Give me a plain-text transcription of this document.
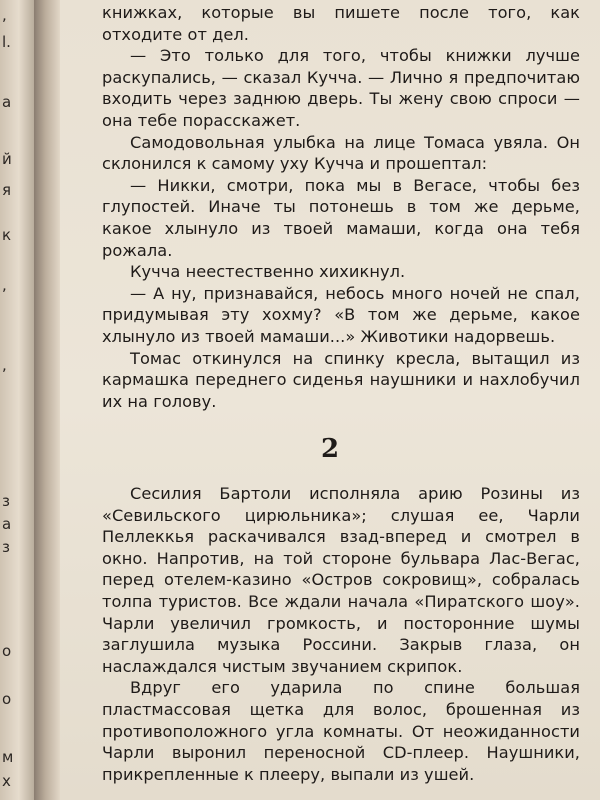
,
l.
а
й
я
к
,
,
з
а
з
о
о
м
х

книжках, которые вы пишете после того, как отходите от дел.

— Это только для того, чтобы книжки лучше раскупались, — сказал Кучча. — Лично я предпочитаю входить через заднюю дверь. Ты жену свою спроси — она тебе порасскажет.

Самодовольная улыбка на лице Томаса увяла. Он склонился к самому уху Кучча и прошептал:

— Никки, смотри, пока мы в Вегасе, чтобы без глупостей. Иначе ты потонешь в том же дерьме, какое хлынуло из твоей мамаши, когда она тебя рожала.

Кучча неестественно хихикнул.

— А ну, признавайся, небось много ночей не спал, придумывая эту хохму? «В том же дерьме, какое хлынуло из твоей мамаши...» Животики надорвешь.

Томас откинулся на спинку кресла, вытащил из кармашка переднего сиденья наушники и нахлобучил их на голову.

2

Сесилия Бартоли исполняла арию Розины из «Севильского цирюльника»; слушая ее, Чарли Пеллеккья раскачивался взад-вперед и смотрел в окно. Напротив, на той стороне бульвара Лас-Вегас, перед отелем-казино «Остров сокровищ», собралась толпа туристов. Все ждали начала «Пиратского шоу». Чарли увеличил громкость, и посторонние шумы заглушила музыка Россини. Закрыв глаза, он наслаждался чистым звучанием скрипок.

Вдруг его ударила по спине большая пластмассовая щетка для волос, брошенная из противоположного угла комнаты. От неожиданности Чарли выронил переносной CD-плеер. Наушники, прикрепленные к плееру, выпали из ушей.
